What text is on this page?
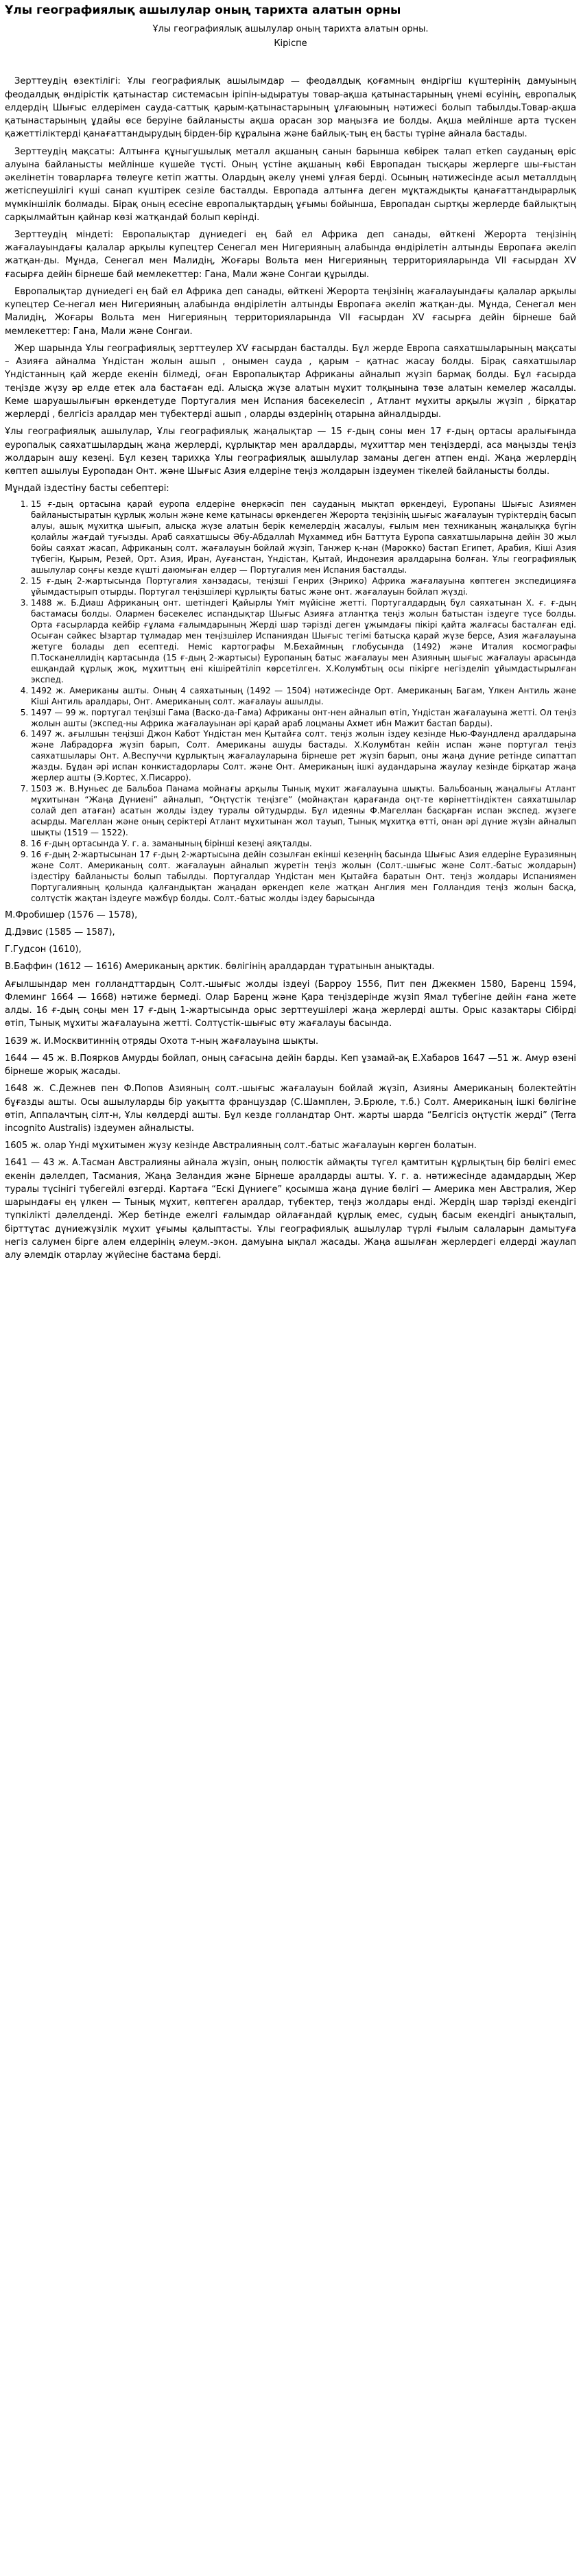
Ұлы географиялық ашылулар оның тарихта алатын орны
Ұлы географиялық ашылулар оның тарихта алатын орны.
Кіріспе

Зерттеудің өзектілігі: Ұлы географиялық ашылымдар — феодалдық қоғамның өндіргіш күштерінің дамуының феодалдық өндірістік қатынастар системасын іріпін-ыдыратуы товар-ақша қатынастарының үнемі өсуінің, европалық елдердің Шығыс елдерімен сауда-саттық қарым-қатынастарының ұлғаюының нәтижесі болып табылды.Товар-ақша қатынастарының ұдайы өсе беруіне байланысты ақша орасан зор маңызға ие болды. Ақша мейлінше арта түскен қажеттіліктерді қанағаттандырудың бірден-бір құралына және байлық-тың ең басты түріне айнала бастады.

Зерттеудің мақсаты: Алтынға құныгушылық металл ақшаның санын барынша көбірек талап етken сауданың өріс алуына байланысты мейлінше күшейе түсті. Оның үстіне ақшаның көбі Европадан тысқары жерлерге шы-ғыстан әкелінетін товарларға төлеуге кетіп жатты. Олардың әкелу үнемі ұлғая берді. Осының нәтижесінде асыл металлдың жетіспеушілігі күші санап күштірек сезіле басталды. Европада алтынға деген мұқтаждықты қанағаттандырарлық мүмкіншілік болмады. Бірақ оның есесіне европалықтардың ұғымы бойынша, Европадан сыртқы жерлерде байлықтың сарқылмайтын қайнар көзі жатқандай болып көрінді.

Зерттеудің міндеті: Европалықтар дүниедегі ең бай ел Африка деп санады, өйткені Жерорта теңізінің жағалауындағы қалалар арқылы купецтер Сенегал мен Нигерияның алабында өндірілетін алтынды Европаға әкеліп жатқан-ды. Мұнда, Сенегал мен Малидің, Жоғары Вольта мен Нигерияның территорияларында VII ғасырдан XV ғасырға дейін бірнеше бай мемлекеттер: Гана, Мали және Сонгаи құрылды.

Европалықтар дүниедегі ең бай ел Африка деп санады, өйткені Жерорта теңізінің жағалауындағы қалалар арқылы купецтер Се-негал мен Нигерияның алабында өндірілетін алтынды Европаға әкеліп жатқан-ды. Мұнда, Сенегал мен Малидің, Жоғары Вольта мен Нигерияның территорияларында VII ғасырдан XV ғасырға дейін бірнеше бай мемлекеттер: Гана, Мали және Сонгаи.

Жер шарында Ұлы географиялық зерттеулер XV ғасырдан басталды. Бұл жерде Европа саяхатшыларының мақсаты – Азияға айналма Үндістан жолын ашып , онымен сауда , қарым – қатнас жасау болды. Бірақ саяхатшылар Үндістанның қай жерде екенін білмеді, оған Европалықтар Африканы айналып жүзіп бармақ болды. Бұл ғасырда теңізде жүзу әр елде етек ала бастаған еді. Алысқа жүзе алатын мұхит толқынына төзе алатын кемелер жасалды. Кеме шаруашылығын өркендетуде Португалия мен Испания басекелесіп , Атлант мұхиты арқылы жүзіп , бірқатар жерлерді , белгісіз аралдар мен түбектерді ашып , оларды өздерінің отарына айналдырды.

Ұлы географиялық ашылулар, Ұлы географиялық жаңалықтар — 15 ғ-дың соны мен 17 ғ-дың ортасы аралығында еуропалық саяхатшылардың жаңа жерлерді, құрлықтар мен аралдарды, мұхиттар мен теңіздерді, аса маңызды теңіз жолдарын ашу кезеңі. Бұл кезең тарихқа Ұлы географиялық ашылулар заманы деген атпен енді. Жаңа жерлердің көптеп ашылуы Еуропадан Онт. және Шығыс Азия елдеріне теңіз жолдарын іздеумен тікелей байланысты болды.

Мұндай іздестіну басты себептері:

1. 15 ғ-дың ортасына қарай еуропа елдеріне өнеркәсіп пен сауданың мықтап өркендеуі, Еуропаны Шығыс Азиямен байланыстыратын құрлық жолын және кеме қатынасы өркендеген Жерорта теңізінің шығыс жағалауын түріктердің басып алуы, ашық мұхитқа шығып, алысқа жүзе алатын берік кемелердің жасалуы, ғылым мен техниканың жаңалыққа бүгін қолайлы жағдай туғызды. Араб саяхатшысы Әбу-Абдаллаһ Мұхаммед ибн Баттута Еуропа саяхатшыларына дейін 30 жыл бойы саяхат жасап, Африканың солт. жағалауын бойлай жүзіп, Танжер қ-нан (Марокко) бастап Египет, Арабия, Кіші Азия түбегін, Қырым, Резей, Орт. Азия, Иран, Ауғанстан, Үндістан, Қытай, Индонезия аралдарына болған. Ұлы географиялық ашылулар соңғы кезде күшті даюмыған елдер — Португалия мен Испания басталды.
2. 15 ғ-дың 2-жартысында Португалия ханзадасы, теңізші Генрих (Энрико) Африка жағалауына көптеген экспедицияға ұйымдастырып отырды. Португал теңізшілері құрлықты батыс және онт. жағалауын бойлап жүзді.
3. 1488 ж. Б.Диаш Африканың онт. шетіндегі Қайырлы Үміт мүйісіне жетті. Португалдардың бұл саяхатынан X. ғ. ғ-дың бастамасы болды. Олармен бәсекелес испандықтар Шығыс Азияға атлантқа теңіз жолын батыстан іздеуге түсе болды. Орта ғасырларда кейбір ғұлама ғалымдарының Жерді шар тәрізді деген ұжымдағы пікірі қайта жалғасы басталған еді. Осыған сәйкес Ызартар тұлмадар мен теңізшілер Испаниядан Шығыс тегімі батысқа қарай жүзе берсе, Азия жағалауына жетуге болады деп есептеді. Неміс картографы М.Бехаймның глобусында (1492) және Италия космографы П.Тосканеллидің картасында (15 ғ-дың 2-жартысы) Еуропаның батыс жағалауы мен Азияның шығыс жағалауы арасында ешқандай құрлық жоқ, мұхиттың ені кішірейтіліп көрсетілген. Х.Колумбтың осы пікірге негізделіп ұйымдастырылған экспед.
4. 1492 ж. Американы ашты. Оның 4 саяхатының (1492 — 1504) нәтижесінде Орт. Американың Багам, Үлкен Антиль және Кіші Антиль аралдары, Онт. Американың солт. жағалауы ашылды.
5. 1497 — 99 ж. португал теңізші Гама (Васко-да-Гама) Африканы онт-нен айналып өтіп, Үндістан жағалауына жетті. Ол теңіз жолын ашты (экспед-ны Африка жағалауынан әрі қарай араб лоцманы Ахмет ибн Мажит бастап барды).
6. 1497 ж. ағылшын теңізші Джон Кабот Үндістан мен Қытайға солт. теңіз жолын іздеу кезінде Нью-Фаундленд аралдарына және Лабрадорға жүзіп барып, Солт. Американы ашуды бастады. Х.Колумбтан кейін испан және португал теңіз саяхатшылары Онт. А.Веспуччи құрлықтың жағалауларына бірнеше рет жүзіп барып, оны жаңа дүние ретінде сипаттап жазды. Бұдан әрі испан конкистадорлары Солт. және Онт. Американың ішкі аудандарына жаулау кезінде бірқатар жаңа жерлер ашты (Э.Кортес, Х.Писарро).
7. 1503 ж. В.Нуньес де Бальбоа Панама мойнағы арқылы Тынық мұхит жағалауына шықты. Бальбоаның жаңалығы Атлант мұхитынан “Жаңа Дүниені” айналып, “Оңтүстік теңізге” (мойнақтан қарағанда оңт-те көрінеттіндіктен саяхатшылар солай деп атаған) асатын жолды іздеу туралы ойтудырды. Бұл идеяны Ф.Магеллан басқарған испан экспед. жүзеге асырды. Магеллан және оның серіктері Атлант мұхитынан жол тауып, Тынық мұхитқа өтті, онан әрі дүние жүзін айналып шықты (1519 — 1522).
8. 16 ғ-дың ортасында У. г. а. заманының бірінші кезеңі аяқталды.
9. 16 ғ-дың 2-жартысынан 17 ғ-дың 2-жартысына дейін созылған екінші кезеңнің басында Шығыс Азия елдеріне Еуразияның және Солт. Американың солт. жағалауын айналып жүретін теңіз жолын (Солт.-шығыс және Солт.-батыс жолдарын) іздестіру байланысты болып табылды. Португалдар Үндістан мен Қытайға баратын Онт. теңіз жолдары Испаниямен Португалияның қолында қалғандықтан жаңадан өркендеп келе жатқан Англия мен Голландия теңіз жолын басқа, солтүстік жақтан іздеуге мәжбүр болды. Солт.-батыс жолды іздеу барысында
М.Фробишер (1576 — 1578),
Д.Дэвис (1585 — 1587),
Г.Гудсон (1610),

В.Баффин (1612 — 1616) Американың арктик. бөлігінің аралдардан тұратынын анықтады.

Ағылшындар мен голландттардың Солт.-шығыс жолды іздеуі (Барроу 1556, Пит пен Джекмен 1580, Баренц 1594, Флеминг 1664 — 1668) нәтиже бермеді. Олар Баренц және Қара теңіздерінде жүзіп Ямал түбегіне дейін ғана жете алды. 16 ғ-дың соңы мен 17 ғ-дың 1-жартысында орыс зерттеушілері жаңа жерлерді ашты. Орыс казактары Сібірді өтіп, Тынық мұхиты жағалауына жетті. Солтүстік-шығыс өту жағалауы басында.

1639 ж. И.Москвитиннің отряды Охота т-ның жағалауына шықты.

1644 — 45 ж. В.Поярков Амурды бойлап, оның сағасына дейін барды. Кеп ұзамай-ақ Е.Хабаров 1647 —51 ж. Амур өзені бірнеше жорық жасады.

1648 ж. С.Дежнев пен Ф.Попов Азияның солт.-шығыс жағалауын бойлай жүзіп, Азияны Американың болектейтін бұғазды ашты. Осы ашылуларды бір уақытта француздар (С.Шамплен, Э.Брюле, т.б.) Солт. Американың ішкі бөлігіне өтіп, Аппалачтың сілт-н, Ұлы көлдерді ашты. Бұл кезде голландтар Онт. жарты шарда “Белгісіз оңтүстік жерді” (Terra incognito Australis) іздеумен айналысты.

1605 ж. олар Үнді мұхитымен жүзу кезінде Австралияның солт.-батыс жағалауын көрген болатын.

1641 — 43 ж. А.Тасман Австралияны айнала жүзіп, оның полюстік аймақты түгел қамтитын құрлықтың бір бөлігі емес екенін дәлелдеп, Тасмания, Жаңа Зеландия және Бірнеше аралдарды ашты. Ұ. г. а. нәтижесінде адамдардың Жер туралы түсінігі түбегейлі өзгерді. Картаға “Ескі Дүниеге” қосымша жаңа дүние бөлігі — Америка мен Австралия, Жер шарындағы ең үлкен — Тынық мұхит, көптеген аралдар, түбектер, теңіз жолдары енді. Жердің шар тәрізді екендігі түпкілікті дәлелденді. Жер бетінде ежелгі ғалымдар ойлағандай құрлық емес, судың басым екендігі анықталып, бірттұтас дүниежүзілік мұхит ұғымы қалыптасты. Ұлы географиялық ашылулар түрлі ғылым салаларын дамытуға негіз салумен бірге алем елдерінің әлеум.-экон. дамуына ықпал жасады. Жаңа ашылған жерлердегі елдерді жаулап алу әлемдік отарлау жүйесіне бастама берді.
